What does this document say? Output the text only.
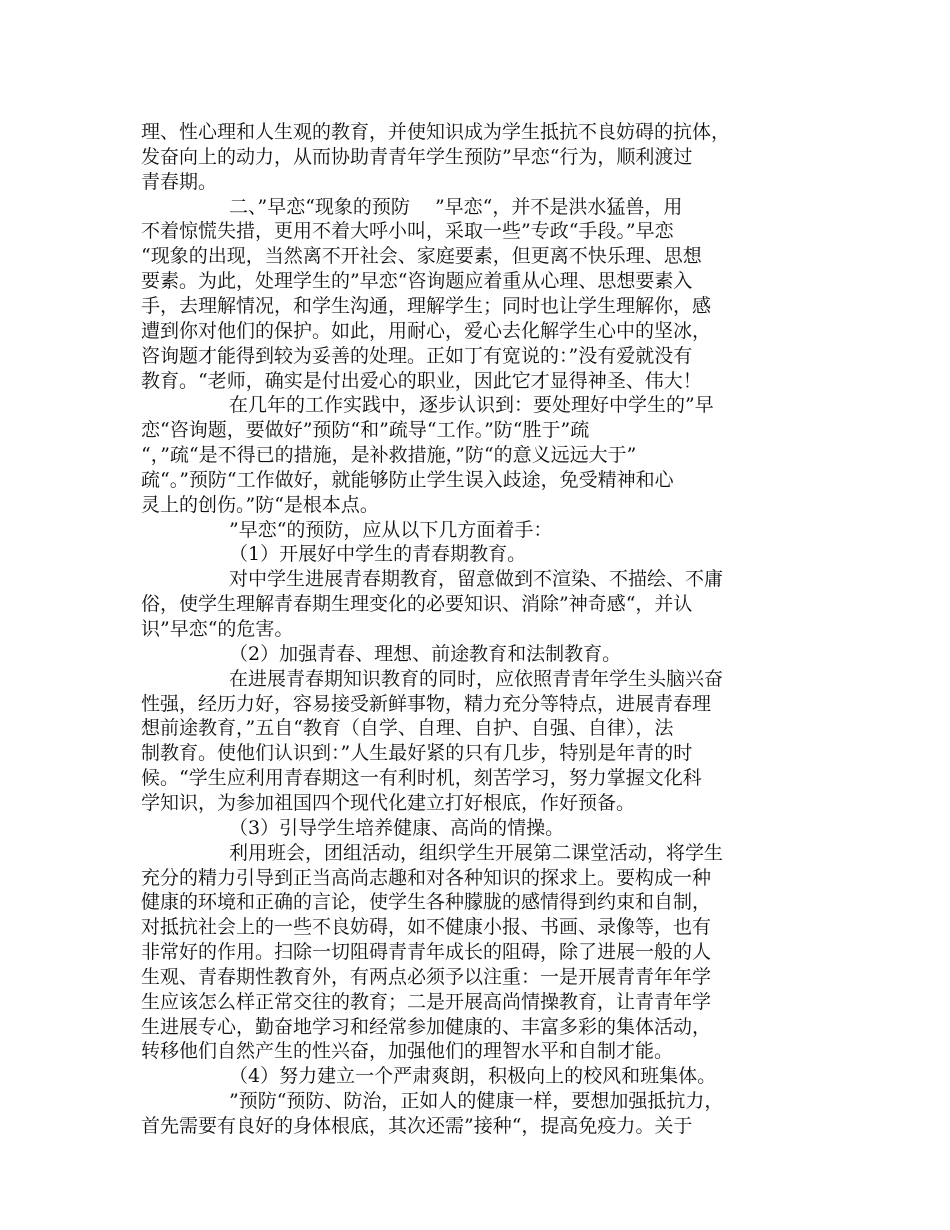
理、性心理和人生观的教育，并使知识成为学生抵抗不良妨碍的抗体，
发奋向上的动力，从而协助青青年学生预防”早恋“行为，顺利渡过
青春期。
二、”早恋“现象的预防　 ”早恋“，并不是洪水猛兽，用
不着惊慌失措，更用不着大呼小叫，采取一些”专政“手段。”早恋
“现象的出现，当然离不开社会、家庭要素，但更离不快乐理、思想
要素。为此，处理学生的”早恋“咨询题应着重从心理、思想要素入
手，去理解情况，和学生沟通，理解学生；同时也让学生理解你，感
遭到你对他们的保护。如此，用耐心，爱心去化解学生心中的坚冰，
咨询题才能得到较为妥善的处理。正如丁有宽说的：”没有爱就没有
教育。“老师，确实是付出爱心的职业，因此它才显得神圣、伟大！
在几年的工作实践中，逐步认识到：要处理好中学生的”早
恋“咨询题，要做好”预防“和”疏导“工作。”防“胜于”疏
“，”疏“是不得已的措施，是补救措施，”防“的意义远远大于”
疏“。”预防“工作做好，就能够防止学生误入歧途，免受精神和心
灵上的创伤。”防“是根本点。
”早恋“的预防，应从以下几方面着手：
（1）开展好中学生的青春期教育。
对中学生进展青春期教育，留意做到不渲染、不描绘、不庸
俗，使学生理解青春期生理变化的必要知识、消除”神奇感“，并认
识”早恋“的危害。
（2）加强青春、理想、前途教育和法制教育。
在进展青春期知识教育的同时，应依照青青年学生头脑兴奋
性强，经历力好，容易接受新鲜事物，精力充分等特点，进展青春理
想前途教育，”五自“教育（自学、自理、自护、自强、自律），法
制教育。使他们认识到：”人生最好紧的只有几步，特别是年青的时
候。“学生应利用青春期这一有利时机，刻苦学习，努力掌握文化科
学知识，为参加祖国四个现代化建立打好根底，作好预备。
（3）引导学生培养健康、高尚的情操。
利用班会，团组活动，组织学生开展第二课堂活动，将学生
充分的精力引导到正当高尚志趣和对各种知识的探求上。要构成一种
健康的环境和正确的言论，使学生各种朦胧的感情得到约束和自制，
对抵抗社会上的一些不良妨碍，如不健康小报、书画、录像等，也有
非常好的作用。扫除一切阻碍青青年成长的阻碍，除了进展一般的人
生观、青春期性教育外，有两点必须予以注重：一是开展青青年年学
生应该怎么样正常交往的教育；二是开展高尚情操教育，让青青年学
生进展专心，勤奋地学习和经常参加健康的、丰富多彩的集体活动，
转移他们自然产生的性兴奋，加强他们的理智水平和自制才能。
（4）努力建立一个严肃爽朗，积极向上的校风和班集体。
”预防“预防、防治，正如人的健康一样，要想加强抵抗力，
首先需要有良好的身体根底，其次还需”接种“，提高免疫力。关于
